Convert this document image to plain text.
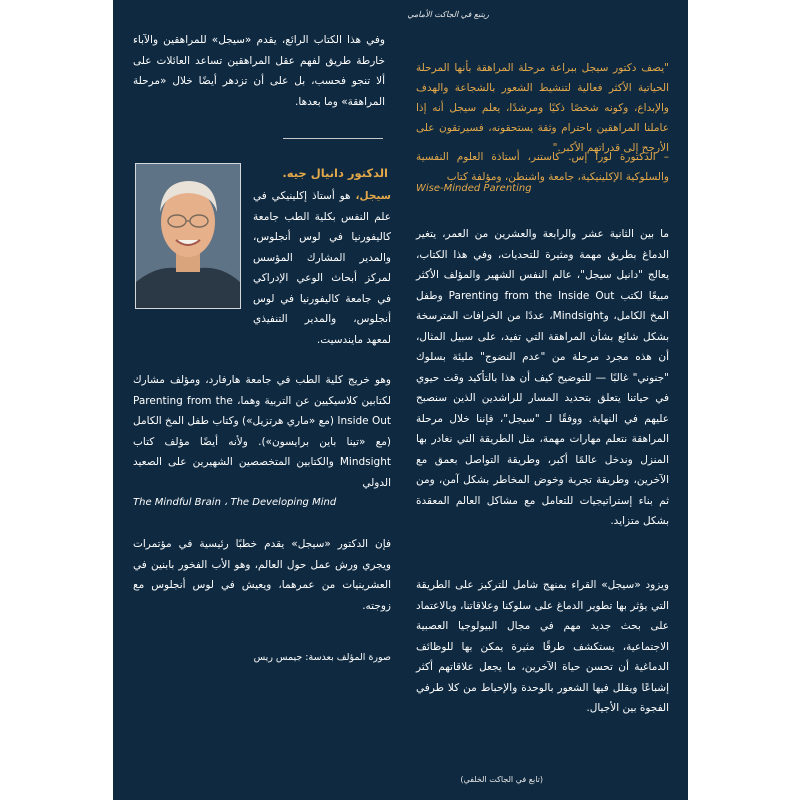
ريتبع في الجاكت الأمامي

وفي هذا الكتاب الرائع، يقدم «سيجل» للمراهقين والآباء خارطة طريق لفهم عقل المراهقين تساعد العائلات على ألا تنجو فحسب، بل على أن تزدهر أيضًا خلال «مرحلة المراهقة» وما بعدها.

الدكتور دانيال جيه.

سيجل، هو أستاذ إكلينيكي في علم النفس بكلية الطب جامعة كاليفورنيا في لوس أنجلوس، والمدير المشارك المؤسس لمركز أبحاث الوعي الإدراكي في جامعة كاليفورنيا في لوس أنجلوس، والمدير التنفيذي لمعهد مايندسيت.

وهو خريج كلية الطب في جامعة هارفارد، ومؤلف مشارك لكتابين كلاسيكيين عن التربية وهما، Parenting from the Inside Out (مع «ماري هرتزيل») وكتاب طفل المخ الكامل (مع «تينا باين برايسون»). ولأنه أيضًا مؤلف كتاب Mindsight والكتابين المتخصصين الشهيرين على الصعيد الدولي

The Mindful Brain ، The Developing Mind

فإن الدكتور «سيجل» يقدم خطبًا رئيسية في مؤتمرات ويجري ورش عمل حول العالم، وهو الأب الفخور بابنين في العشرينيات من عمرهما، ويعيش في لوس أنجلوس مع زوجته.

صورة المؤلف بعدسة: جيمس ريس

"يصف دكتور سيجل ببراعة مرحلة المراهقة بأنها المرحلة الحياتية الأكثر فعالية لتنشيط الشعور بالشجاعة والهدف والإبداع، وكونه شخصًا ذكيًا ومرشدًا، يعلم سيجل أنه إذا عاملنا المراهقين باحترام وثقة يستحقونه، فسيرتقون على الأرجح إلى قدراتهم الأكبر."

– الدكتورة لورا إس. كاستنر، أستاذة العلوم النفسية والسلوكية الإكلينيكية، جامعة واشنطن، ومؤلفة كتاب

Wise-Minded Parenting

ما بين الثانية عشر والرابعة والعشرين من العمر، يتغير الدماغ بطريق مهمة ومثيرة للتحديات، وفي هذا الكتاب، يعالج "دانيل سيجل"، عالم النفس الشهير والمؤلف الأكثر مبيعًا لكتب Parenting from the Inside Out وطفل المخ الكامل، وMindsight، عددًا من الخرافات المترسخة بشكل شائع بشأن المراهقة التي تفيد، على سبيل المثال، أن هذه مجرد مرحلة من "عدم النضوج" مليئة بسلوك "جنوني" غالبًا — للتوضيح كيف أن هذا بالتأكيد وقت حيوي في حياتنا يتعلق بتحديد المسار للراشدين الذين سنصبح عليهم في النهاية. ووفقًا لـ "سيجل"، فإننا خلال مرحلة المراهقة نتعلم مهارات مهمة، مثل الطريقة التي نغادر بها المنزل وندخل عالمًا أكبر، وطريقة التواصل بعمق مع الآخرين، وطريقة تجربة وخوض المخاطر بشكل آمن، ومن ثم بناء إستراتيجيات للتعامل مع مشاكل العالم المعقدة بشكل متزايد.

ويزود «سيجل» القراء بمنهج شامل للتركيز على الطريقة التي يؤثر بها تطوير الدماغ على سلوكنا وعلاقاتنا، وبالاعتماد على بحث جديد مهم في مجال البيولوجيا العصبية الاجتماعية، يستكشف طرقًا مثيرة يمكن بها للوظائف الدماغية أن تحسن حياة الآخرين، ما يجعل علاقاتهم أكثر إشباعًا ويقلل فيها الشعور بالوحدة والإحباط من كلا طرفي الفجوة بين الأجيال.

(تابع في الجاكت الخلفي)
